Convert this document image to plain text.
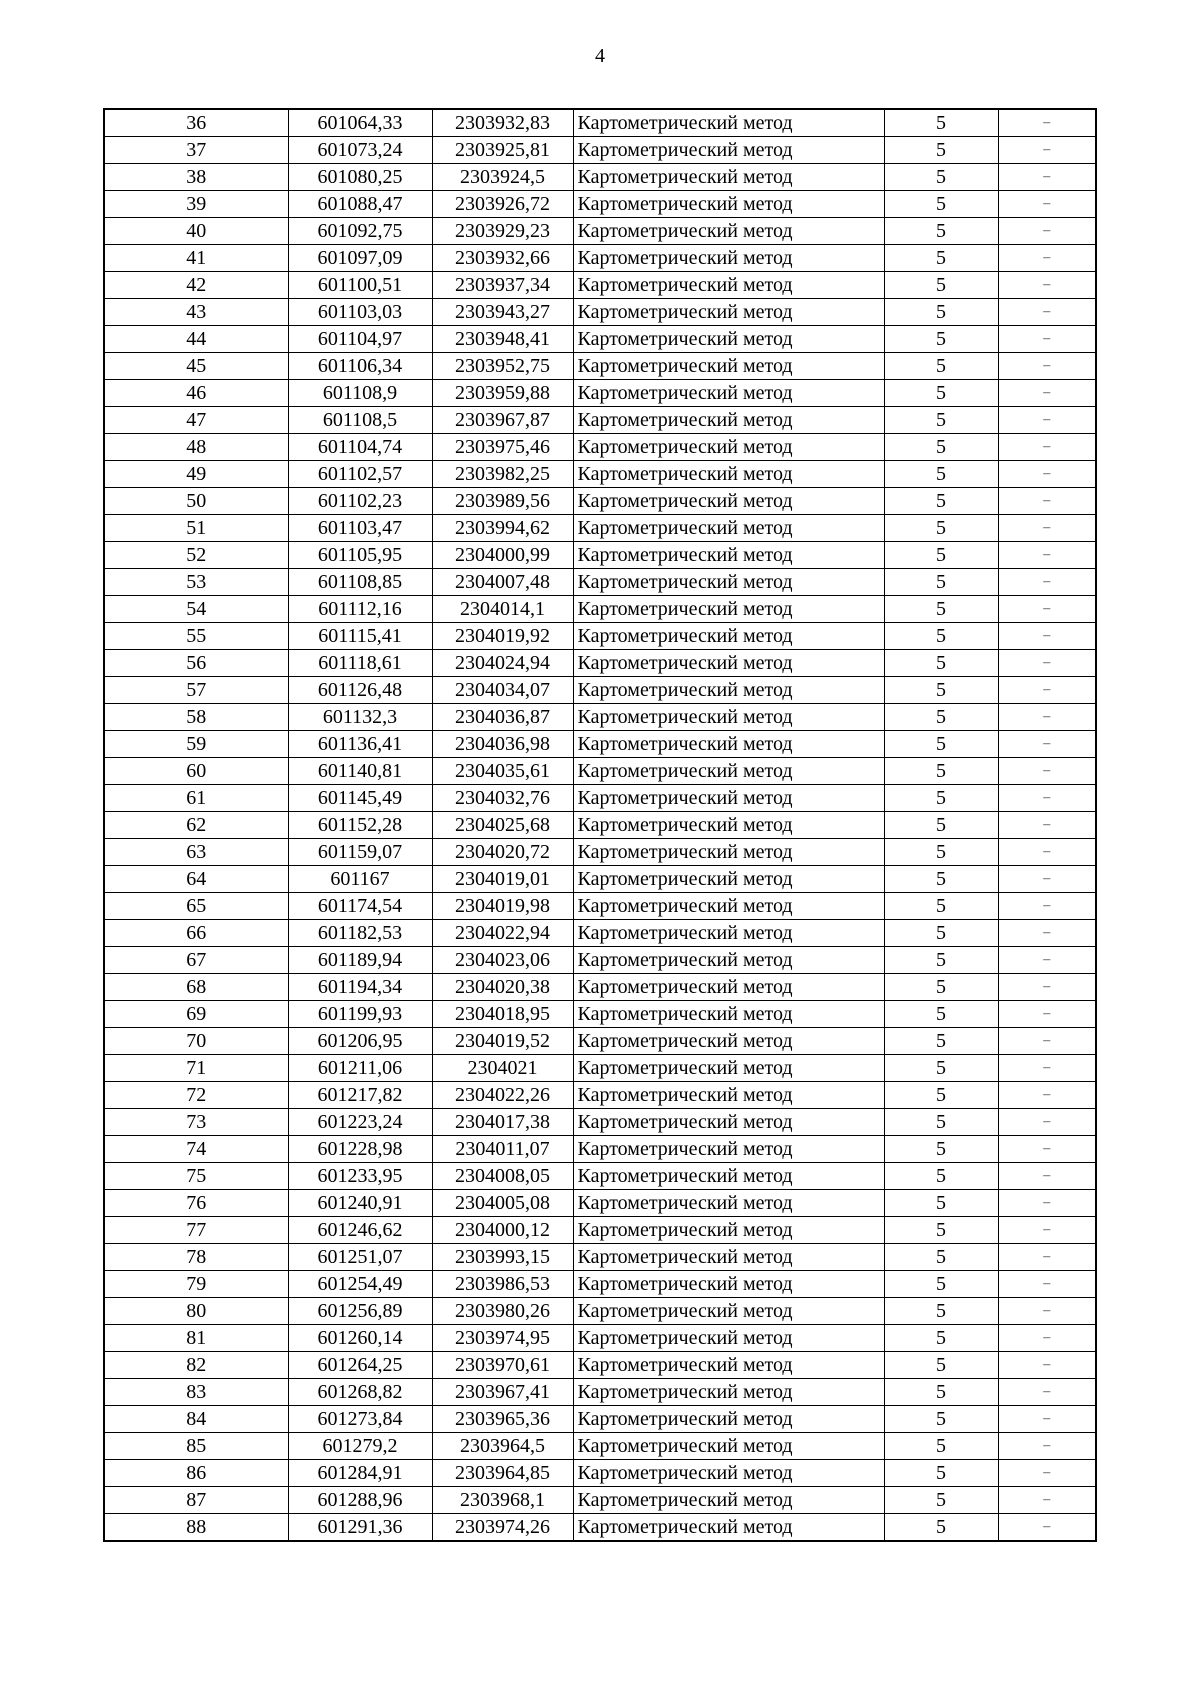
4
36	601064,33	2303932,83	Картометрический метод	5	–
37	601073,24	2303925,81	Картометрический метод	5	–
38	601080,25	2303924,5	Картометрический метод	5	–
39	601088,47	2303926,72	Картометрический метод	5	–
40	601092,75	2303929,23	Картометрический метод	5	–
41	601097,09	2303932,66	Картометрический метод	5	–
42	601100,51	2303937,34	Картометрический метод	5	–
43	601103,03	2303943,27	Картометрический метод	5	–
44	601104,97	2303948,41	Картометрический метод	5	–
45	601106,34	2303952,75	Картометрический метод	5	–
46	601108,9	2303959,88	Картометрический метод	5	–
47	601108,5	2303967,87	Картометрический метод	5	–
48	601104,74	2303975,46	Картометрический метод	5	–
49	601102,57	2303982,25	Картометрический метод	5	–
50	601102,23	2303989,56	Картометрический метод	5	–
51	601103,47	2303994,62	Картометрический метод	5	–
52	601105,95	2304000,99	Картометрический метод	5	–
53	601108,85	2304007,48	Картометрический метод	5	–
54	601112,16	2304014,1	Картометрический метод	5	–
55	601115,41	2304019,92	Картометрический метод	5	–
56	601118,61	2304024,94	Картометрический метод	5	–
57	601126,48	2304034,07	Картометрический метод	5	–
58	601132,3	2304036,87	Картометрический метод	5	–
59	601136,41	2304036,98	Картометрический метод	5	–
60	601140,81	2304035,61	Картометрический метод	5	–
61	601145,49	2304032,76	Картометрический метод	5	–
62	601152,28	2304025,68	Картометрический метод	5	–
63	601159,07	2304020,72	Картометрический метод	5	–
64	601167	2304019,01	Картометрический метод	5	–
65	601174,54	2304019,98	Картометрический метод	5	–
66	601182,53	2304022,94	Картометрический метод	5	–
67	601189,94	2304023,06	Картометрический метод	5	–
68	601194,34	2304020,38	Картометрический метод	5	–
69	601199,93	2304018,95	Картометрический метод	5	–
70	601206,95	2304019,52	Картометрический метод	5	–
71	601211,06	2304021	Картометрический метод	5	–
72	601217,82	2304022,26	Картометрический метод	5	–
73	601223,24	2304017,38	Картометрический метод	5	–
74	601228,98	2304011,07	Картометрический метод	5	–
75	601233,95	2304008,05	Картометрический метод	5	–
76	601240,91	2304005,08	Картометрический метод	5	–
77	601246,62	2304000,12	Картометрический метод	5	–
78	601251,07	2303993,15	Картометрический метод	5	–
79	601254,49	2303986,53	Картометрический метод	5	–
80	601256,89	2303980,26	Картометрический метод	5	–
81	601260,14	2303974,95	Картометрический метод	5	–
82	601264,25	2303970,61	Картометрический метод	5	–
83	601268,82	2303967,41	Картометрический метод	5	–
84	601273,84	2303965,36	Картометрический метод	5	–
85	601279,2	2303964,5	Картометрический метод	5	–
86	601284,91	2303964,85	Картометрический метод	5	–
87	601288,96	2303968,1	Картометрический метод	5	–
88	601291,36	2303974,26	Картометрический метод	5	–
